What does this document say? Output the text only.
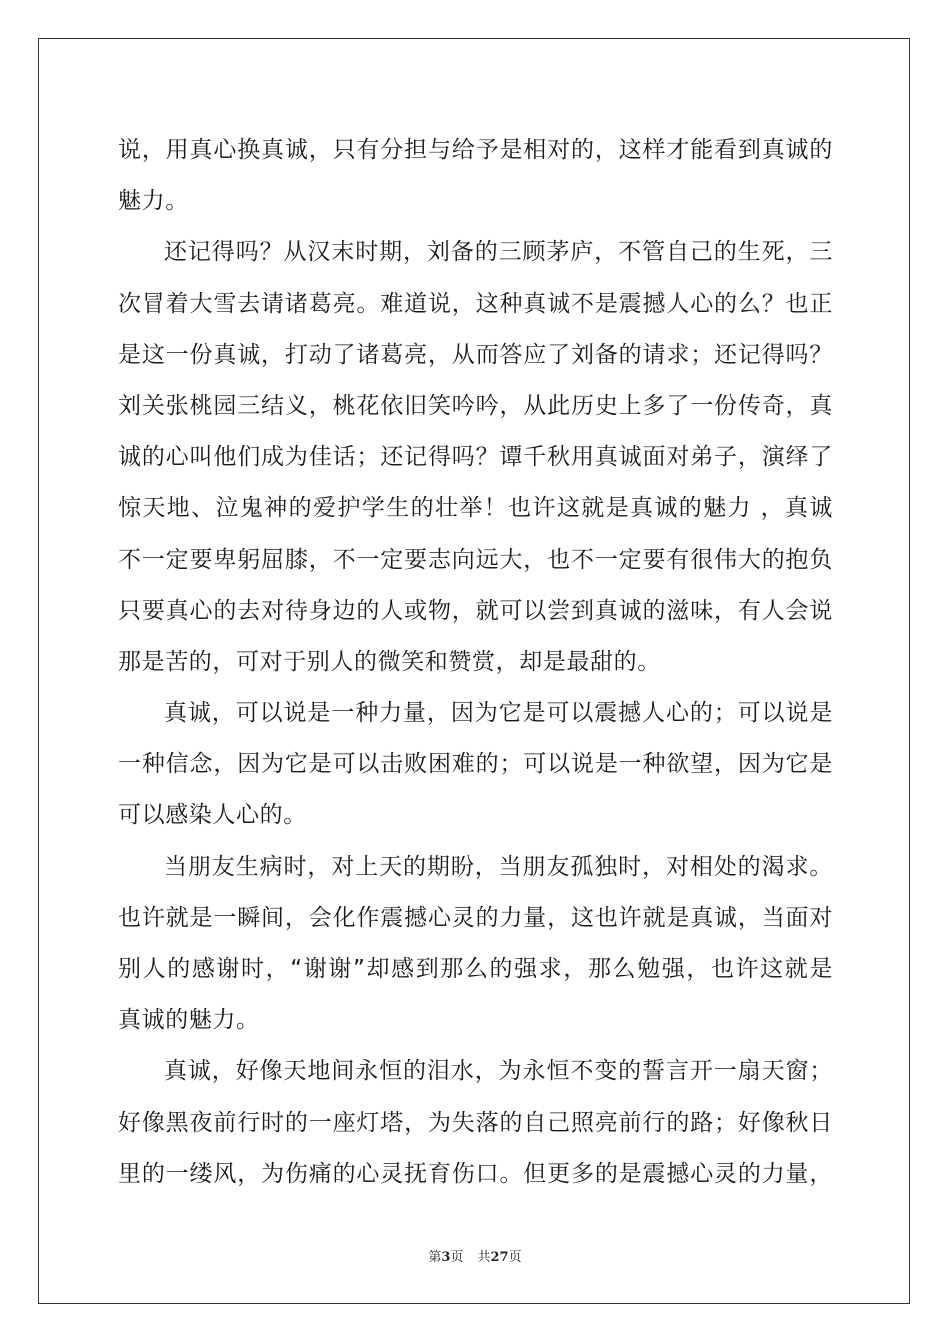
说，用真心换真诚，只有分担与给予是相对的，这样才能看到真诚的
魅力。
还记得吗？从汉末时期，刘备的三顾茅庐，不管自己的生死，三
次冒着大雪去请诸葛亮。难道说，这种真诚不是震撼人心的么？也正
是这一份真诚，打动了诸葛亮，从而答应了刘备的请求；还记得吗？
刘关张桃园三结义，桃花依旧笑吟吟，从此历史上多了一份传奇，真
诚的心叫他们成为佳话；还记得吗？谭千秋用真诚面对弟子，演绎了
惊天地、泣鬼神的爱护学生的壮举！也许这就是真诚的魅力 ，真诚
不一定要卑躬屈膝，不一定要志向远大，也不一定要有很伟大的抱负
只要真心的去对待身边的人或物，就可以尝到真诚的滋味，有人会说
那是苦的，可对于别人的微笑和赞赏，却是最甜的。
真诚，可以说是一种力量，因为它是可以震撼人心的；可以说是
一种信念，因为它是可以击败困难的；可以说是一种欲望，因为它是
可以感染人心的。
当朋友生病时，对上天的期盼，当朋友孤独时，对相处的渴求。
也许就是一瞬间，会化作震撼心灵的力量，这也许就是真诚，当面对
别人的感谢时，“谢谢”却感到那么的强求，那么勉强，也许这就是
真诚的魅力。
真诚，好像天地间永恒的泪水，为永恒不变的誓言开一扇天窗；
好像黑夜前行时的一座灯塔，为失落的自己照亮前行的路；好像秋日
里的一缕风，为伤痛的心灵抚育伤口。但更多的是震撼心灵的力量，
第3页 共27页
